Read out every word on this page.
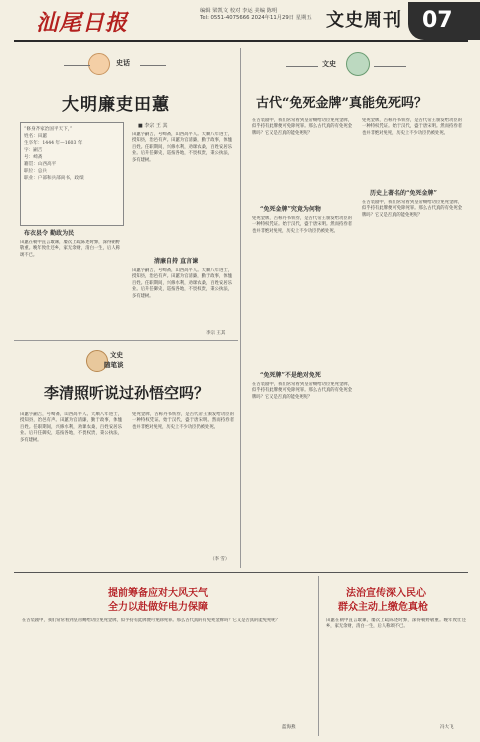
汕尾日报	编辑 梁凯文 校对 李运 美编 陈明
Tel: 0551-4075666 2024年11月29日 星期五 文史周刊 07
史话
大明廉吏田蕙
“修身齐家治国平天下，”
姓名：田蕙
生卒年：1444 年—1603 年
字：嗣吉
号：崎斋
籍贯：山西高平
职位：总兵
职业：户部和兵部尚书，政绩
■ 李宗 王 其
田蕙字嗣吉，号崎斋，山西高平人。天顺八年进士，授知县，治邑有声。田蕙为官清廉，勤于政事，体恤百姓。任职期间，兴修水利，劝课农桑，百姓安居乐业。后升任御史，巡按各地，不畏权贵，秉公执法，多有建树。
布衣县令 勤政为民
田蕙在朝中直言敢谏，屡次上疏陈述时弊，深得朝野敬重。晚年致仕还乡，家无余财，清白一生，后人称颂不已。
清廉自持 直言谏
田蕙字嗣吉，号崎斋，山西高平人。天顺八年进士，授知县，治邑有声。田蕙为官清廉，勤于政事，体恤百姓。任职期间，兴修水利，劝课农桑，百姓安居乐业。后升任御史，巡按各地，不畏权贵，秉公执法，多有建树。
李宗 王其
文史
古代“免死金牌”真能免死吗？
在古装剧中，我们常常看到皇帝赐给功臣免死金牌，似乎持有此牌便可免除死罪。那么古代真的有免死金牌吗？它又是否真的能免死呢？
“免死金牌”究竟为何物
免死金牌，古称丹书铁券，是古代帝王颁发给功臣的一种特权凭证。始于汉代，盛于唐宋明。然而持券者也并非绝对免死，历史上不少功臣仍被处死。
免死金牌，古称丹书铁券，是古代帝王颁发给功臣的一种特权凭证。始于汉代，盛于唐宋明。然而持券者也并非绝对免死，历史上不少功臣仍被处死。
历史上著名的“免死金牌”
在古装剧中，我们常常看到皇帝赐给功臣免死金牌，似乎持有此牌便可免除死罪。那么古代真的有免死金牌吗？它又是否真的能免死呢？
“免死牌”不是绝对免死
在古装剧中，我们常常看到皇帝赐给功臣免死金牌，似乎持有此牌便可免除死罪。那么古代真的有免死金牌吗？它又是否真的能免死呢？
文史
随笔谈
李清照听说过孙悟空吗？
田蕙字嗣吉，号崎斋，山西高平人。天顺八年进士，授知县，治邑有声。田蕙为官清廉，勤于政事，体恤百姓。任职期间，兴修水利，劝课农桑，百姓安居乐业。后升任御史，巡按各地，不畏权贵，秉公执法，多有建树。
免死金牌，古称丹书铁券，是古代帝王颁发给功臣的一种特权凭证。始于汉代，盛于唐宋明。然而持券者也并非绝对免死，历史上不少功臣仍被处死。
（李 雪）
提前筹备应对大风天气
全力以赴做好电力保障
在古装剧中，我们常常看到皇帝赐给功臣免死金牌，似乎持有此牌便可免除死罪。那么古代真的有免死金牌吗？它又是否真的能免死呢？
蓝海燕
法治宣传深入民心
群众主动上缴危真枪
田蕙在朝中直言敢谏，屡次上疏陈述时弊，深得朝野敬重。晚年致仕还乡，家无余财，清白一生，后人称颂不已。
冯大飞
